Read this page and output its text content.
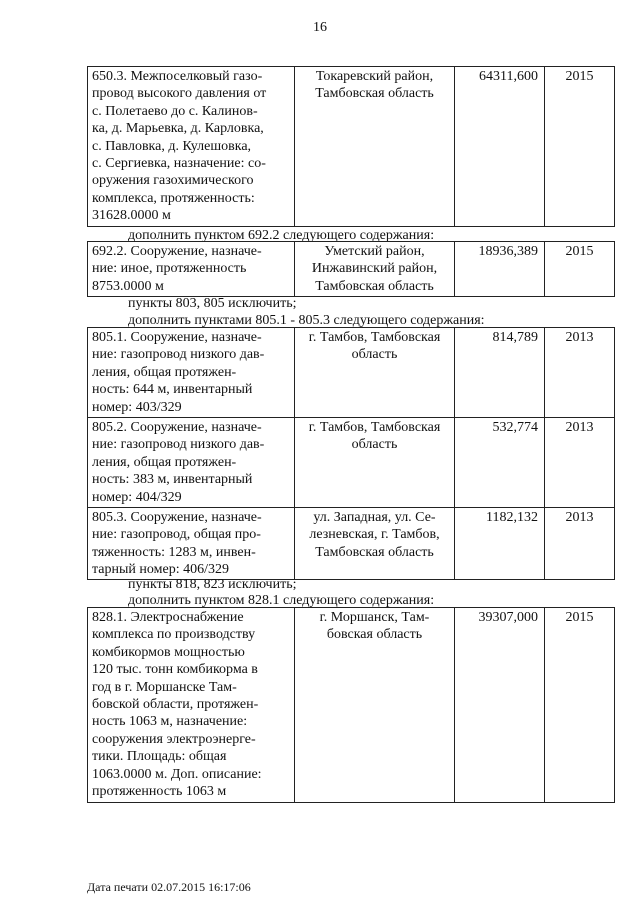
16
650.3. Межпоселковый газо-
провод высокого давления от
с. Полетаево до с. Калинов-
ка, д. Марьевка, д. Карловка,
с. Павловка, д. Кулешовка,
с. Сергиевка, назначение: со-
оружения газохимического
комплекса, протяженность:
31628.0000 м

Токаревский район,
Тамбовская область
	64311,600	2015
дополнить пунктом 692.2 следующего содержания:
692.2. Сооружение, назначе-
ние: иное, протяженность
8753.0000 м

Уметский район,
Инжавинский район,
Тамбовская область
	18936,389	2015
пункты 803, 805 исключить;
дополнить пунктами 805.1 - 805.3 следующего содержания:
805.1. Сооружение, назначе-
ние: газопровод низкого дав-
ления, общая протяжен-
ность: 644 м, инвентарный
номер: 403/329	г. Тамбов, Тамбовская
область	814,789	2013

805.2. Сооружение, назначе-
ние: газопровод низкого дав-
ления, общая протяжен-
ность: 383 м, инвентарный
номер: 404/329	г. Тамбов, Тамбовская
область	532,774	2013

805.3. Сооружение, назначе-
ние: газопровод, общая про-
тяженность: 1283 м, инвен-
тарный номер: 406/329	ул. Западная, ул. Се-
лезневская, г. Тамбов,
Тамбовская область	1182,132	2013
пункты 818, 823 исключить;
дополнить пунктом 828.1 следующего содержания:
828.1. Электроснабжение
комплекса по производству
комбикормов мощностью
120 тыс. тонн комбикорма в
год в г. Моршанске Там-
бовской области, протяжен-
ность 1063 м, назначение:
сооружения электроэнерге-
тики. Площадь: общая
1063.0000 м. Доп. описание:
протяженность 1063 м

г. Моршанск, Там-
бовская область
	39307,000	2015
Дата печати 02.07.2015 16:17:06
